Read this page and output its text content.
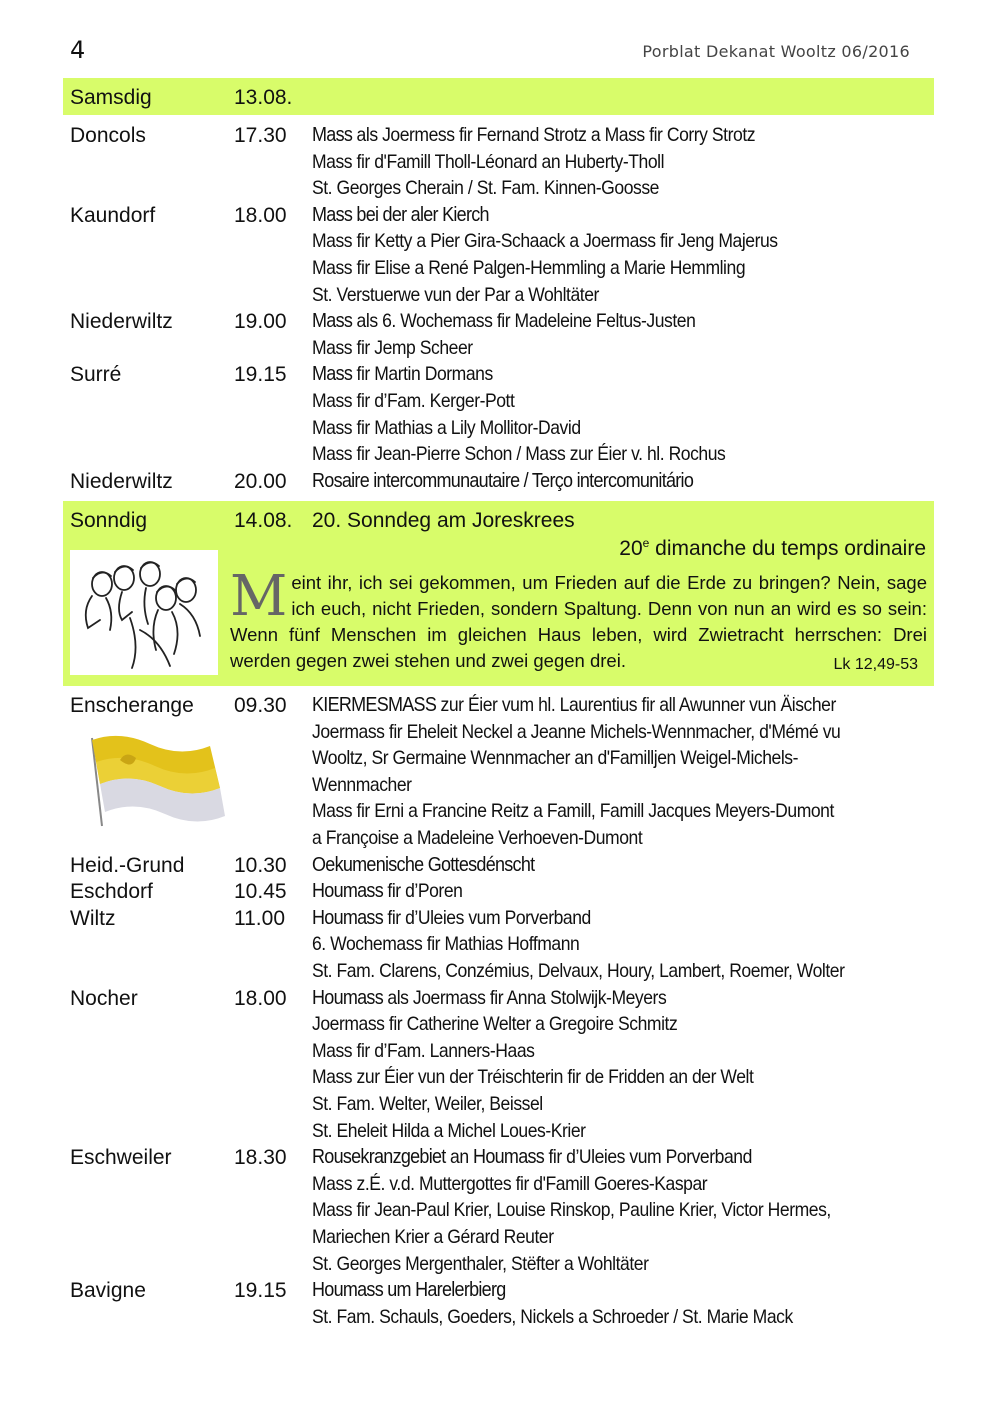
4	Porblat Dekanat Wooltz 06/2016
Samsdig	13.08.
Doncols	17.30 Mass als Joermess fir Fernand Strotz a Mass fir Corry Strotz
Mass fir d'Famill Tholl-Léonard an Huberty-Tholl
St. Georges Cherain / St. Fam. Kinnen-Goosse
Kaundorf	18.00 Mass bei der aler Kierch
Mass fir Ketty a Pier Gira-Schaack a Joermass fir Jeng Majerus
Mass fir Elise a René Palgen-Hemmling a Marie Hemmling
St. Verstuerwe vun der Par a Wohltäter
Niederwiltz	19.00 Mass als 6. Wochemass fir Madeleine Feltus-Justen
Mass fir Jemp Scheer
Surré	19.15 Mass fir Martin Dormans
Mass fir d’Fam. Kerger-Pott
Mass fir Mathias a Lily Mollitor-David
Mass fir Jean-Pierre Schon / Mass zur Éier v. hl. Rochus
Niederwiltz	20.00 Rosaire intercommunautaire / Terço intercomunitário
Sonndig	14.08. 20. Sonndeg am Joreskrees
20e dimanche du temps ordinaire
Meint ihr, ich sei gekommen, um Frieden auf die Erde zu bringen? Nein, sage ich euch, nicht Frieden, sondern Spaltung. Denn von nun an wird es so sein: Wenn fünf Menschen im gleichen Haus leben, wird Zwietracht herrschen: Drei werden gegen zwei stehen und zwei gegen drei.	Lk 12,49-53
Enscherange 09.30 KIERMESMASS zur Éier vum hl. Laurentius fir all Awunner vun Äischer
Joermass fir Eheleit Neckel a Jeanne Michels-Wennmacher, d'Mémé vu
Wooltz, Sr Germaine Wennmacher an d'Familljen Weigel-Michels-
Wennmacher
Mass fir Erni a Francine Reitz a Famill, Famill Jacques Meyers-Dumont
a Françoise a Madeleine Verhoeven-Dumont
Heid.-Grund 10.30 Oekumenische Gottesdénscht
Eschdorf	10.45 Houmass fir d’Poren
Wiltz	11.00 Houmass fir d’Uleies vum Porverband
6. Wochemass fir Mathias Hoffmann
St. Fam. Clarens, Conzémius, Delvaux, Houry, Lambert, Roemer, Wolter
Nocher	18.00 Houmass als Joermass fir Anna Stolwijk-Meyers
Joermass fir Catherine Welter a Gregoire Schmitz
Mass fir d’Fam. Lanners-Haas
Mass zur Éier vun der Tréischterin fir de Fridden an der Welt
St. Fam. Welter, Weiler, Beissel
St. Eheleit Hilda a Michel Loues-Krier
Eschweiler	18.30 Rousekranzgebiet an Houmass fir d’Uleies vum Porverband
Mass z.É. v.d. Muttergottes fir d'Famill Goeres-Kaspar
Mass fir Jean-Paul Krier, Louise Rinskop, Pauline Krier, Victor Hermes,
Mariechen Krier a Gérard Reuter
St. Georges Mergenthaler, Stëfter a Wohltäter
Bavigne	19.15 Houmass um Harelerbierg
St. Fam. Schauls, Goeders, Nickels a Schroeder / St. Marie Mack
